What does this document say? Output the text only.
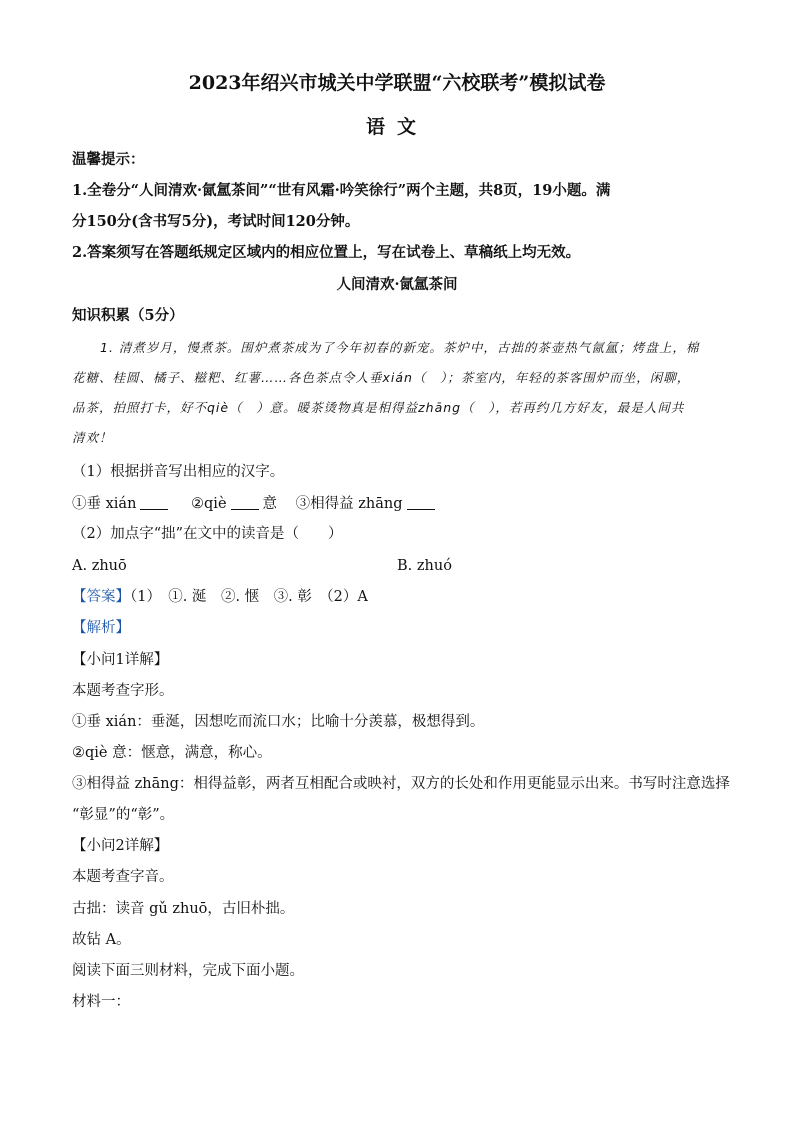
2023年绍兴市城关中学联盟“六校联考”模拟试卷
语文
温馨提示：
1.全卷分“人间清欢·氤氲茶间”“世有风霜·吟笑徐行”两个主题，共8页，19小题。满
分150分(含书写5分)，考试时间120分钟。
2.答案须写在答题纸规定区域内的相应位置上，写在试卷上、草稿纸上均无效。
人间清欢·氤氲茶间
知识积累（5分）
1. 清煮岁月，慢煮茶。围炉煮茶成为了今年初春的新宠。茶炉中，古拙的茶壶热气氤氲；烤盘上，棉
花糖、桂圆、橘子、糍粑、红薯……各色茶点令人垂xián（　）；茶室内，年轻的茶客围炉而坐，闲聊，
品茶，拍照打卡，好不qiè（　）意。暖茶烫物真是相得益zhāng（　），若再约几方好友，最是人间共
清欢！
（1）根据拼音写出相应的汉字。
①垂 xián	②qiè 意 ③相得益 zhāng
（2）加点字“拙”在文中的读音是（　　）
A. zhuō	B. zhuó
【答案】（1）　①. 涎　②. 惬　③. 彰　（2）A
【解析】
【小问1详解】
本题考查字形。
①垂 xián：垂涎，因想吃而流口水；比喻十分羡慕，极想得到。
②qiè 意：惬意，满意，称心。
③相得益 zhāng：相得益彰，两者互相配合或映衬，双方的长处和作用更能显示出来。书写时注意选择
“彰显”的“彰”。
【小问2详解】
本题考查字音。
古拙：读音 gǔ zhuō，古旧朴拙。
故钻 A。
阅读下面三则材料，完成下面小题。
材料一：
